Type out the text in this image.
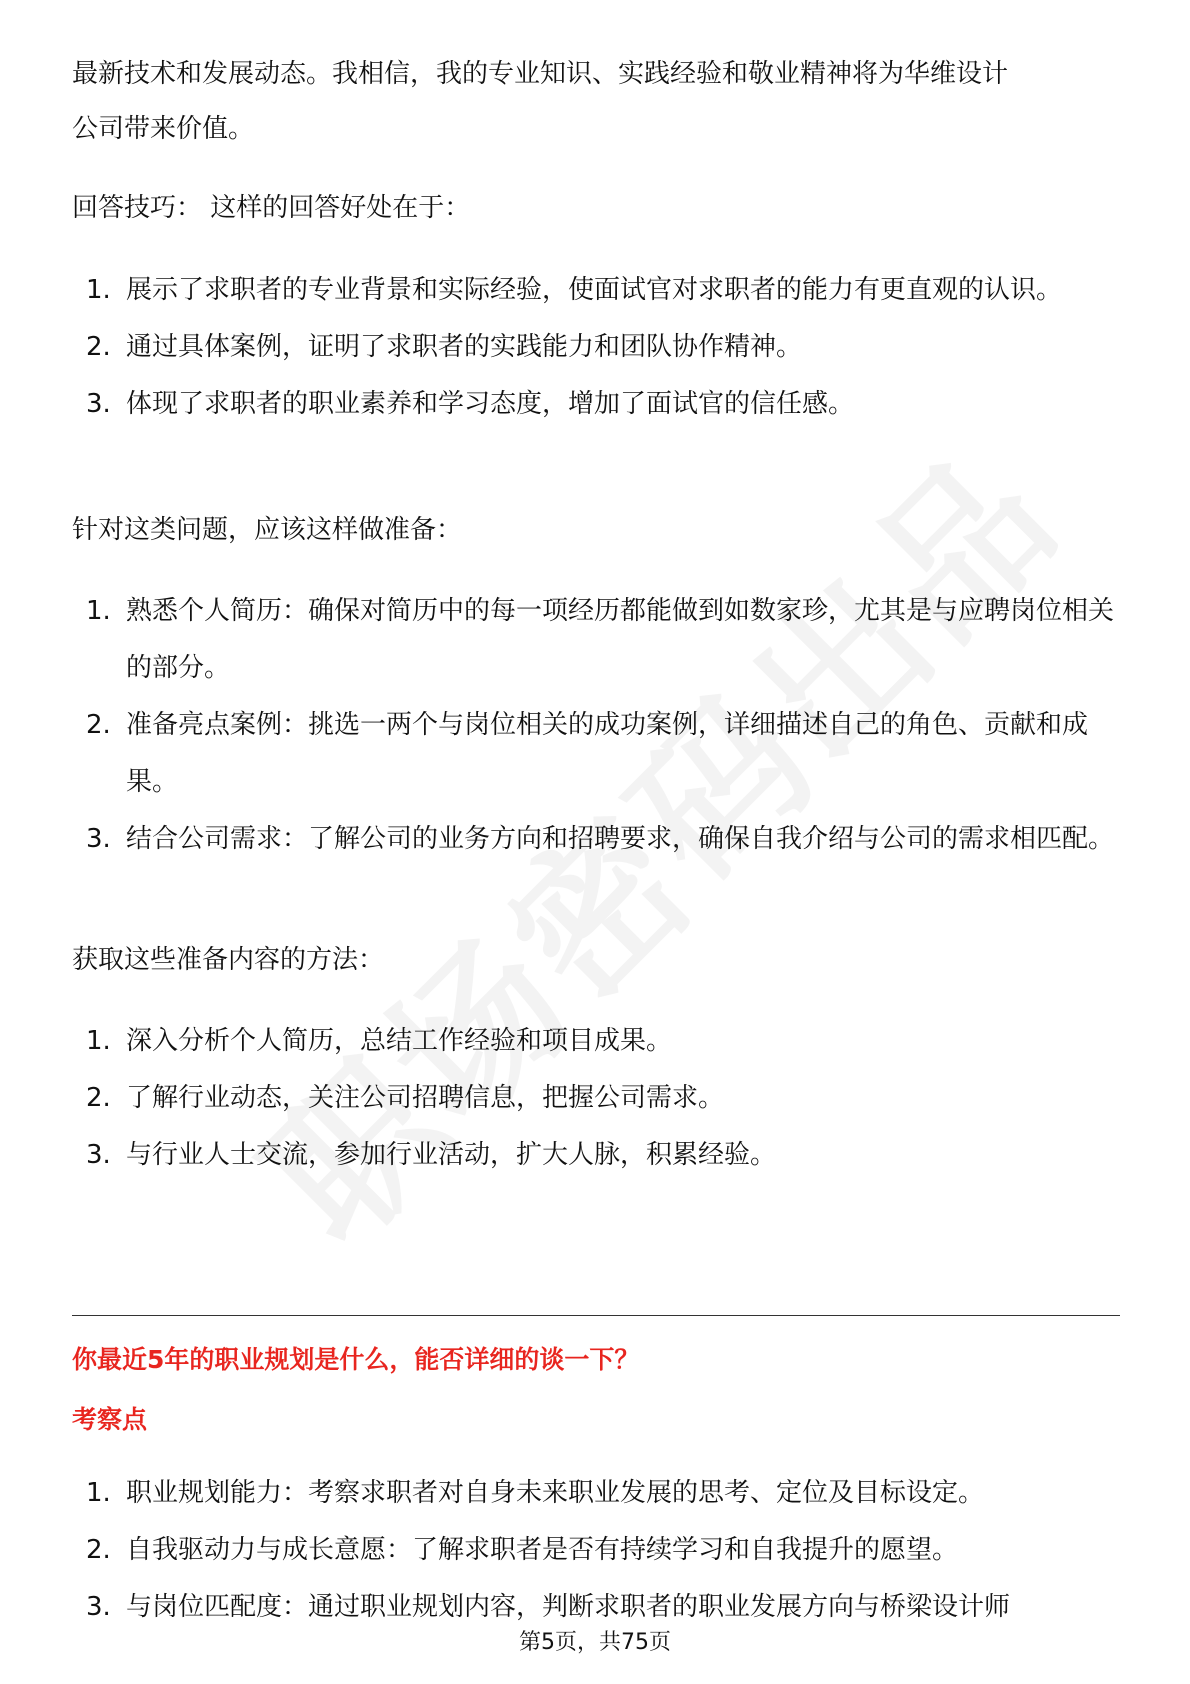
最新技术和发展动态。我相信，我的专业知识、实践经验和敬业精神将为华维设计

公司带来价值。

回答技巧： 这样的回答好处在于：

1. 展示了求职者的专业背景和实际经验，使面试官对求职者的能力有更直观的认识。
2. 通过具体案例，证明了求职者的实践能力和团队协作精神。
3. 体现了求职者的职业素养和学习态度，增加了面试官的信任感。

针对这类问题，应该这样做准备：

1. 熟悉个人简历：确保对简历中的每一项经历都能做到如数家珍，尤其是与应聘岗位相关的部分。
2. 准备亮点案例：挑选一两个与岗位相关的成功案例，详细描述自己的角色、贡献和成果。
3. 结合公司需求：了解公司的业务方向和招聘要求，确保自我介绍与公司的需求相匹配。

获取这些准备内容的方法：

1. 深入分析个人简历，总结工作经验和项目成果。
2. 了解行业动态，关注公司招聘信息，把握公司需求。
3. 与行业人士交流，参加行业活动，扩大人脉，积累经验。
你最近5年的职业规划是什么，能否详细的谈一下？
考察点
1. 职业规划能力：考察求职者对自身未来职业发展的思考、定位及目标设定。
2. 自我驱动力与成长意愿：了解求职者是否有持续学习和自我提升的愿望。
3. 与岗位匹配度：通过职业规划内容，判断求职者的职业发展方向与桥梁设计师
第5页，共75页
